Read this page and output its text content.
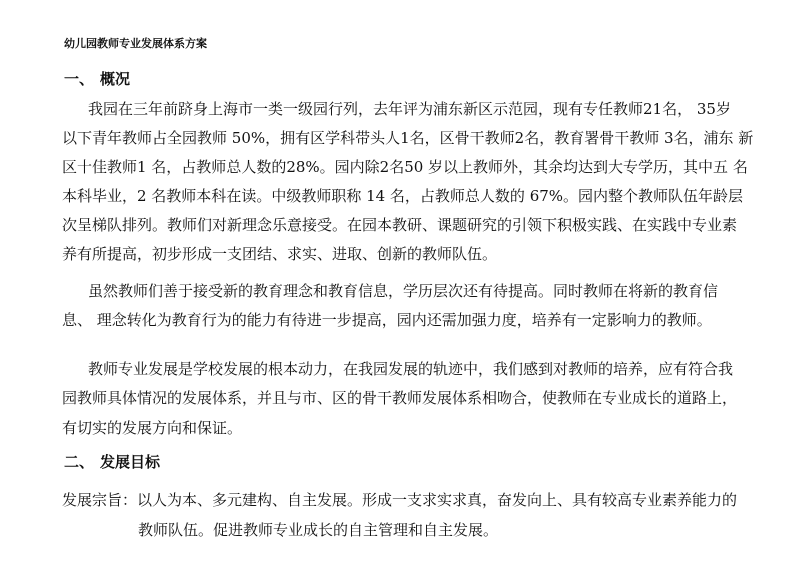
幼儿园教师专业发展体系方案
一、 概况
我园在三年前跻身上海市一类一级园行列，去年评为浦东新区示范园，现有专任教师21名， 35岁
以下青年教师占全园教师 50%，拥有区学科带头人1名，区骨干教师2名，教育署骨干教师 3名，浦东 新
区十佳教师1 名，占教师总人数的28%。园内除2名50 岁以上教师外，其余均达到大专学历，其中五 名
本科毕业，2 名教师本科在读。中级教师职称 14 名，占教师总人数的 67%。园内整个教师队伍年龄层
次呈梯队排列。教师们对新理念乐意接受。在园本教研、课题研究的引领下积极实践、在实践中专业素
养有所提高，初步形成一支团结、求实、进取、创新的教师队伍。
虽然教师们善于接受新的教育理念和教育信息，学历层次还有待提高。同时教师在将新的教育信
息、 理念转化为教育行为的能力有待进一步提高，园内还需加强力度，培养有一定影响力的教师。
教师专业发展是学校发展的根本动力，在我园发展的轨迹中，我们感到对教师的培养，应有符合我
园教师具体情况的发展体系，并且与市、区的骨干教师发展体系相吻合，使教师在专业成长的道路上，
有切实的发展方向和保证。
二、 发展目标
发展宗旨：以人为本、多元建构、自主发展。形成一支求实求真，奋发向上、具有较高专业素养能力的
教师队伍。促进教师专业成长的自主管理和自主发展。
